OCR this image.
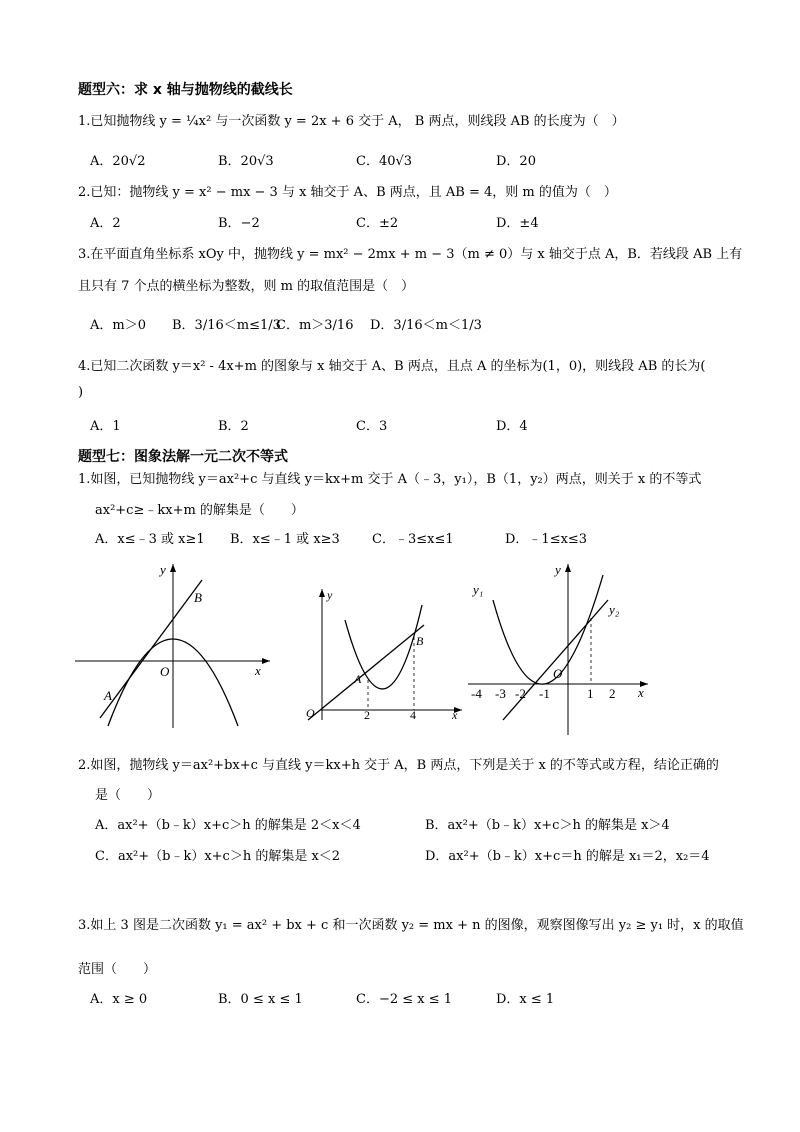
题型六：求 x 轴与抛物线的截线长
1.已知抛物线 y = ¼x² 与一次函数 y = 2x + 6 交于 A， B 两点，则线段 AB 的长度为（　）
A．20√2	B．20√3	C．40√3	D．20
2.已知：抛物线 y = x² − mx − 3 与 x 轴交于 A、B 两点，且 AB = 4，则 m 的值为（　）
A．2	B．−2	C．±2	D．±4
3.在平面直角坐标系 xOy 中，抛物线 y = mx² − 2mx + m − 3（m ≠ 0）与 x 轴交于点 A，B．若线段 AB 上有
且只有 7 个点的横坐标为整数，则 m 的取值范围是（　）
A．m＞0 B．3/16＜m≤1/3
C．m＞3/16 D．3/16＜m＜1/3
4.已知二次函数 y＝x² - 4x+m 的图象与 x 轴交于 A、B 两点，且点 A 的坐标为(1，0)，则线段 AB 的长为(
)
A．1	B．2	C．3	D．4
题型七：图象法解一元二次不等式
1.如图，已知抛物线 y＝ax²+c 与直线 y＝kx+m 交于 A（﹣3，y₁），B（1，y₂）两点，则关于 x 的不等式
ax²+c≥﹣kx+m 的解集是（　　）
A．x≤﹣3 或 x≥1 B．x≤﹣1 或 x≥3 C．﹣3≤x≤1	D．﹣1≤x≤3
y
x
O
A
B	y
x
O
A
B
2	4
y
x
O
y₁
y₂
-4 -3 -2 -1	1 2
2.如图，抛物线 y＝ax²+bx+c 与直线 y＝kx+h 交于 A，B 两点，下列是关于 x 的不等式或方程，结论正确的
是（　　）
A．ax²+（b﹣k）x+c＞h 的解集是 2＜x＜4	B．ax²+（b﹣k）x+c＞h 的解集是 x＞4
C．ax²+（b﹣k）x+c＞h 的解集是 x＜2	D．ax²+（b﹣k）x+c＝h 的解是 x₁＝2，x₂＝4
3.如上 3 图是二次函数 y₁ = ax² + bx + c 和一次函数 y₂ = mx + n 的图像，观察图像写出 y₂ ≥ y₁ 时，x 的取值
范围（　　）
A．x ≥ 0	B．0 ≤ x ≤ 1	C．−2 ≤ x ≤ 1	D．x ≤ 1
